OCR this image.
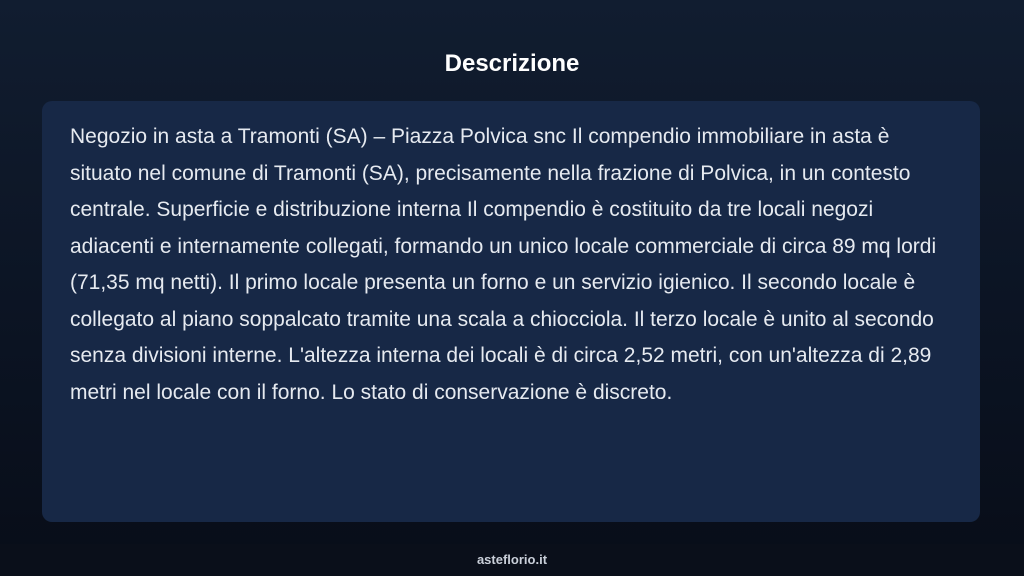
Descrizione

Negozio in asta a Tramonti (SA) – Piazza Polvica snc Il compendio immobiliare in asta è situato nel comune di Tramonti (SA), precisamente nella frazione di Polvica, in un contesto centrale. Superficie e distribuzione interna Il compendio è costituito da tre locali negozi adiacenti e internamente collegati, formando un unico locale commerciale di circa 89 mq lordi (71,35 mq netti). Il primo locale presenta un forno e un servizio igienico. Il secondo locale è collegato al piano soppalcato tramite una scala a chiocciola. Il terzo locale è unito al secondo senza divisioni interne. L'altezza interna dei locali è di circa 2,52 metri, con un'altezza di 2,89 metri nel locale con il forno. Lo stato di conservazione è discreto.

asteflorio.it
